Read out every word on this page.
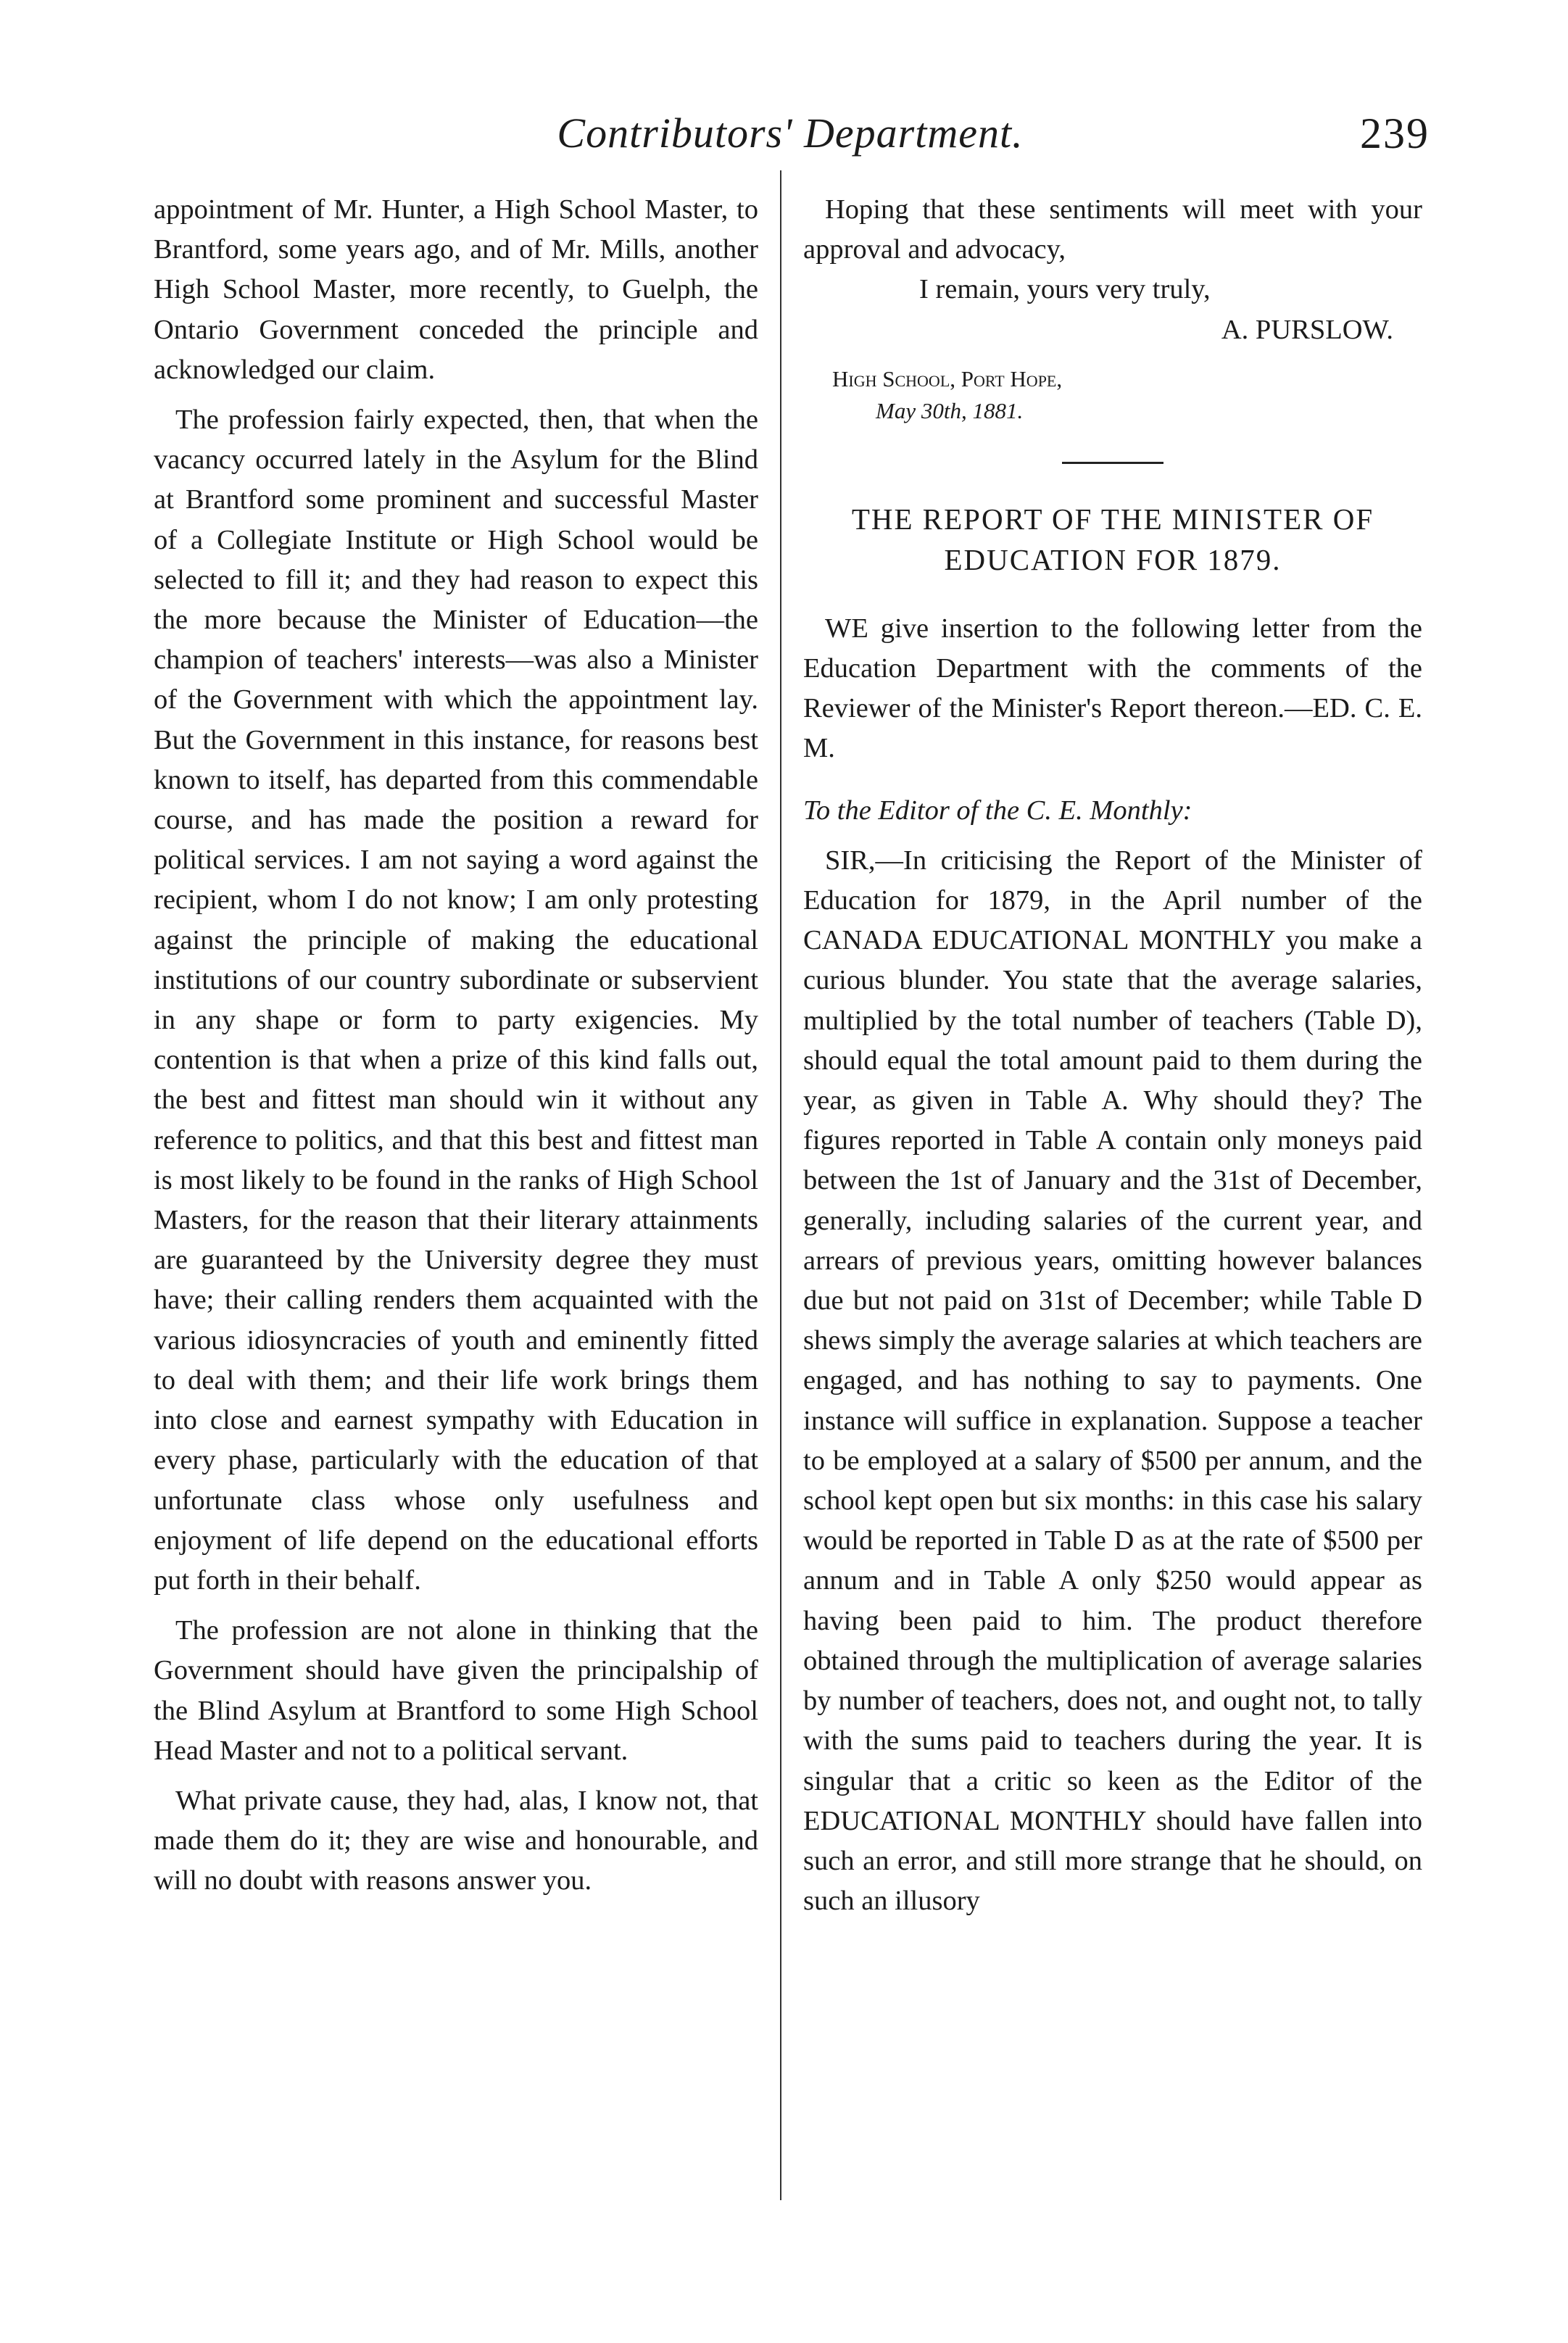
Contributors' Department.	239

appointment of Mr. Hunter, a High School Master, to Brantford, some years ago, and of Mr. Mills, another High School Master, more recently, to Guelph, the Ontario Government conceded the principle and acknowledged our claim.

The profession fairly expected, then, that when the vacancy occurred lately in the Asylum for the Blind at Brantford some prominent and successful Master of a Collegiate Institute or High School would be selected to fill it; and they had reason to expect this the more because the Minister of Education—the champion of teachers' interests—was also a Minister of the Government with which the appointment lay. But the Government in this instance, for reasons best known to itself, has departed from this commendable course, and has made the position a reward for political services. I am not saying a word against the recipient, whom I do not know; I am only protesting against the principle of making the educational institutions of our country subordinate or subservient in any shape or form to party exigencies. My contention is that when a prize of this kind falls out, the best and fittest man should win it without any reference to politics, and that this best and fittest man is most likely to be found in the ranks of High School Masters, for the reason that their literary attainments are guaranteed by the University degree they must have; their calling renders them acquainted with the various idiosyncracies of youth and eminently fitted to deal with them; and their life work brings them into close and earnest sympathy with Education in every phase, particularly with the education of that unfortunate class whose only usefulness and enjoyment of life depend on the educational efforts put forth in their behalf.

The profession are not alone in thinking that the Government should have given the principalship of the Blind Asylum at Brantford to some High School Head Master and not to a political servant.

What private cause, they had, alas, I know not, that made them do it; they are wise and honourable, and will no doubt with reasons answer you.

Hoping that these sentiments will meet with your approval and advocacy,

I remain, yours very truly,
A. PURSLOW.
High School, Port Hope,
May 30th, 1881.
THE REPORT OF THE MINISTER OF EDUCATION FOR 1879.

WE give insertion to the following letter from the Education Department with the comments of the Reviewer of the Minister's Report thereon.—ED. C. E. M.

To the Editor of the C. E. Monthly:

SIR,—In criticising the Report of the Minister of Education for 1879, in the April number of the CANADA EDUCATIONAL MONTHLY you make a curious blunder. You state that the average salaries, multiplied by the total number of teachers (Table D), should equal the total amount paid to them during the year, as given in Table A. Why should they? The figures reported in Table A contain only moneys paid between the 1st of January and the 31st of December, generally, including salaries of the current year, and arrears of previous years, omitting however balances due but not paid on 31st of December; while Table D shews simply the average salaries at which teachers are engaged, and has nothing to say to payments. One instance will suffice in explanation. Suppose a teacher to be employed at a salary of $500 per annum, and the school kept open but six months: in this case his salary would be reported in Table D as at the rate of $500 per annum and in Table A only $250 would appear as having been paid to him. The product therefore obtained through the multiplication of average salaries by number of teachers, does not, and ought not, to tally with the sums paid to teachers during the year. It is singular that a critic so keen as the Editor of the EDUCATIONAL MONTHLY should have fallen into such an error, and still more strange that he should, on such an illusory
